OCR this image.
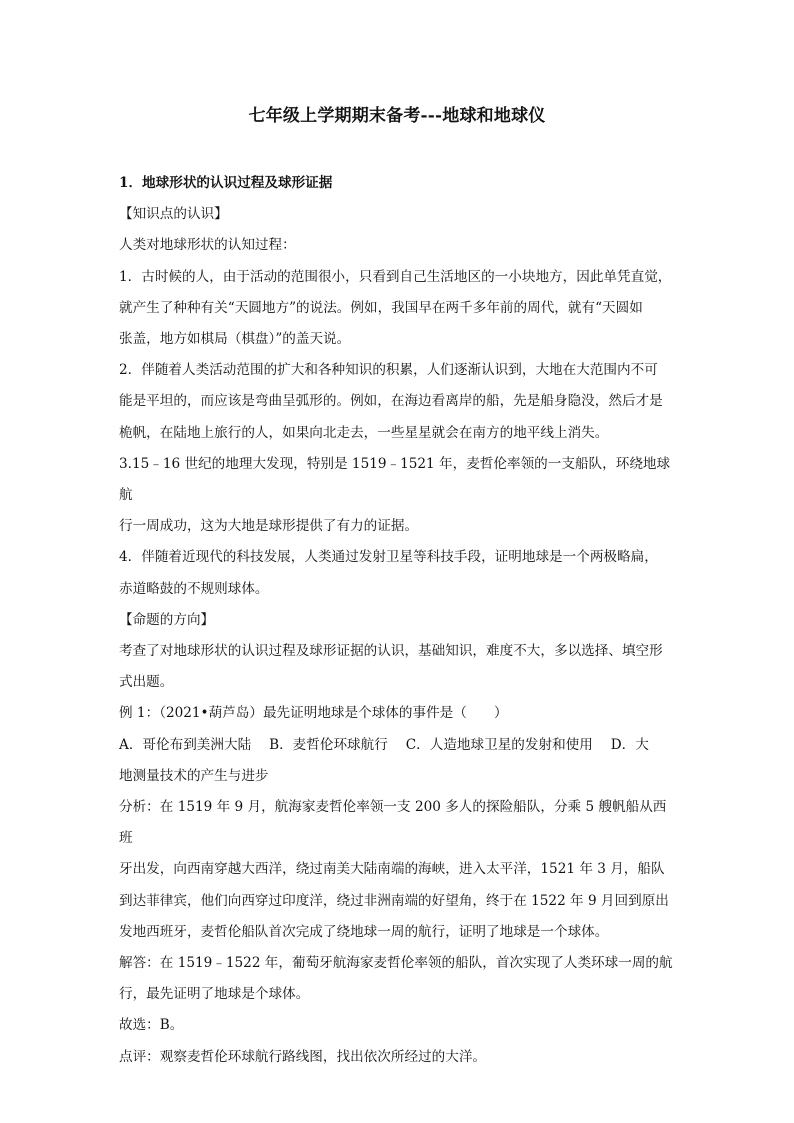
七年级上学期期末备考---地球和地球仪

1．地球形状的认识过程及球形证据

【知识点的认识】

人类对地球形状的认知过程：

1．古时候的人，由于活动的范围很小，只看到自己生活地区的一小块地方，因此单凭直觉，
就产生了种种有关“天圆地方”的说法。例如，我国早在两千多年前的周代，就有“天圆如
张盖，地方如棋局（棋盘）”的盖天说。
2．伴随着人类活动范围的扩大和各种知识的积累，人们逐渐认识到，大地在大范围内不可
能是平坦的，而应该是弯曲呈弧形的。例如，在海边看离岸的船，先是船身隐没，然后才是
桅帆，在陆地上旅行的人，如果向北走去，一些星星就会在南方的地平线上消失。
3.15﹣16 世纪的地理大发现，特别是 1519﹣1521 年，麦哲伦率领的一支船队，环绕地球航
行一周成功，这为大地是球形提供了有力的证据。
4．伴随着近现代的科技发展，人类通过发射卫星等科技手段，证明地球是一个两极略扁，
赤道略鼓的不规则球体。

【命题的方向】

考查了对地球形状的认识过程及球形证据的认识，基础知识，难度不大，多以选择、填空形
式出题。

例 1：（2021•葫芦岛）最先证明地球是个球体的事件是（　　）

A．哥伦布到美洲大陆　 B．麦哲伦环球航行　 C．人造地球卫星的发射和使用　 D．大
地测量技术的产生与进步
分析：在 1519 年 9 月，航海家麦哲伦率领一支 200 多人的探险船队，分乘 5 艘帆船从西班
牙出发，向西南穿越大西洋，绕过南美大陆南端的海峡，进入太平洋，1521 年 3 月，船队
到达菲律宾，他们向西穿过印度洋，绕过非洲南端的好望角，终于在 1522 年 9 月回到原出
发地西班牙，麦哲伦船队首次完成了绕地球一周的航行，证明了地球是一个球体。
解答：在 1519﹣1522 年，葡萄牙航海家麦哲伦率领的船队，首次实现了人类环球一周的航
行，最先证明了地球是个球体。

故选：B。

点评：观察麦哲伦环球航行路线图，找出依次所经过的大洋。
